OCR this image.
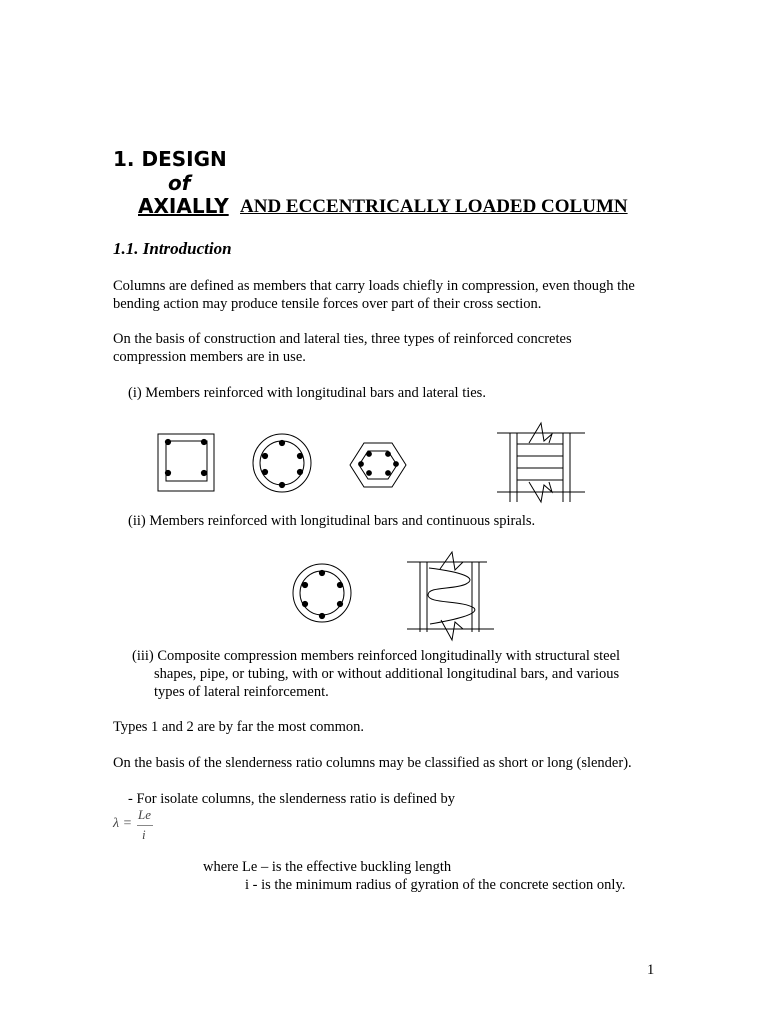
1. DESIGN
of
AXIALLY AND ECCENTRICALLY LOADED COLUMN
1.1. Introduction
Columns are defined as members that carry loads chiefly in compression, even though the
bending action may produce tensile forces over part of their cross section.
On the basis of construction and lateral ties, three types of reinforced concretes
compression members are in use.
(i) Members reinforced with longitudinal bars and lateral ties.
(ii) Members reinforced with longitudinal bars and continuous spirals.
(iii) Composite compression members reinforced longitudinally with structural steel
shapes, pipe, or tubing, with or without additional longitudinal bars, and various
types of lateral reinforcement.
Types 1 and 2 are by far the most common.
On the basis of the slenderness ratio columns may be classified as short or long (slender).
- For isolate columns, the slenderness ratio is defined by
λ =
Le
i
where Le – is the effective buckling length
i - is the minimum radius of gyration of the concrete section only.
1
